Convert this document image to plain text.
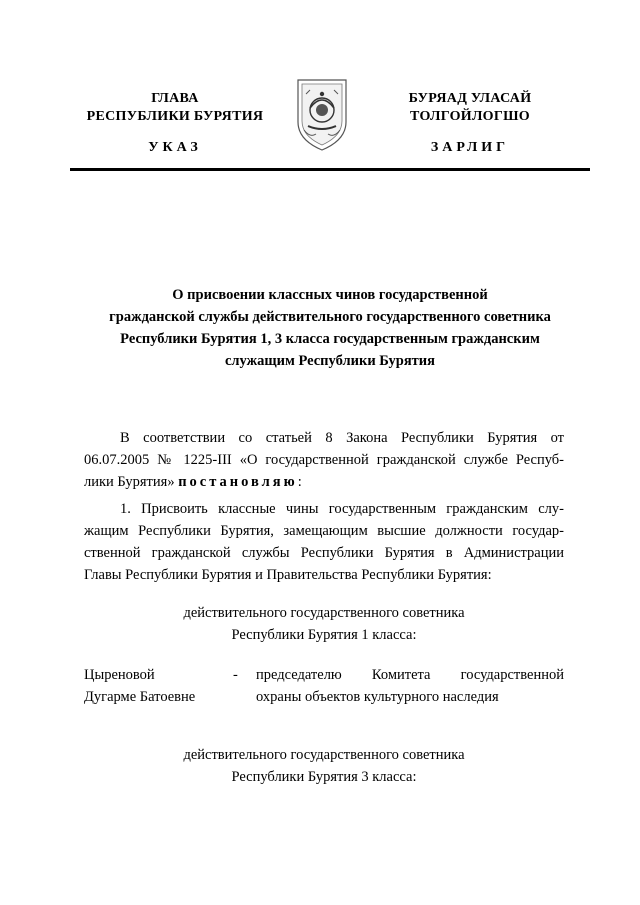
ГЛАВА
РЕСПУБЛИКИ БУРЯТИЯ
БУРЯАД УЛАСАЙ
ТОЛГОЙЛОГШО
УКАЗ	ЗАРЛИГ
О присвоении классных чинов государственной
гражданской службы действительного государственного советника
Республики Бурятия 1, 3 класса государственным гражданским
служащим Республики Бурятия
В соответствии со статьей 8 Закона Республики Бурятия от
06.07.2005 № 1225-III «О государственной гражданской службе Респуб-
лики Бурятия» постановляю:
1. Присвоить классные чины государственным гражданским слу-
жащим Республики Бурятия, замещающим высшие должности государ-
ственной гражданской службы Республики Бурятия в Администрации
Главы Республики Бурятия и Правительства Республики Бурятия:
действительного государственного советника
Республики Бурятия 1 класса:
Цыреновой
Дугарме Батоевне
- председателю Комитета государственной
охраны объектов культурного наследия
действительного государственного советника
Республики Бурятия 3 класса:
